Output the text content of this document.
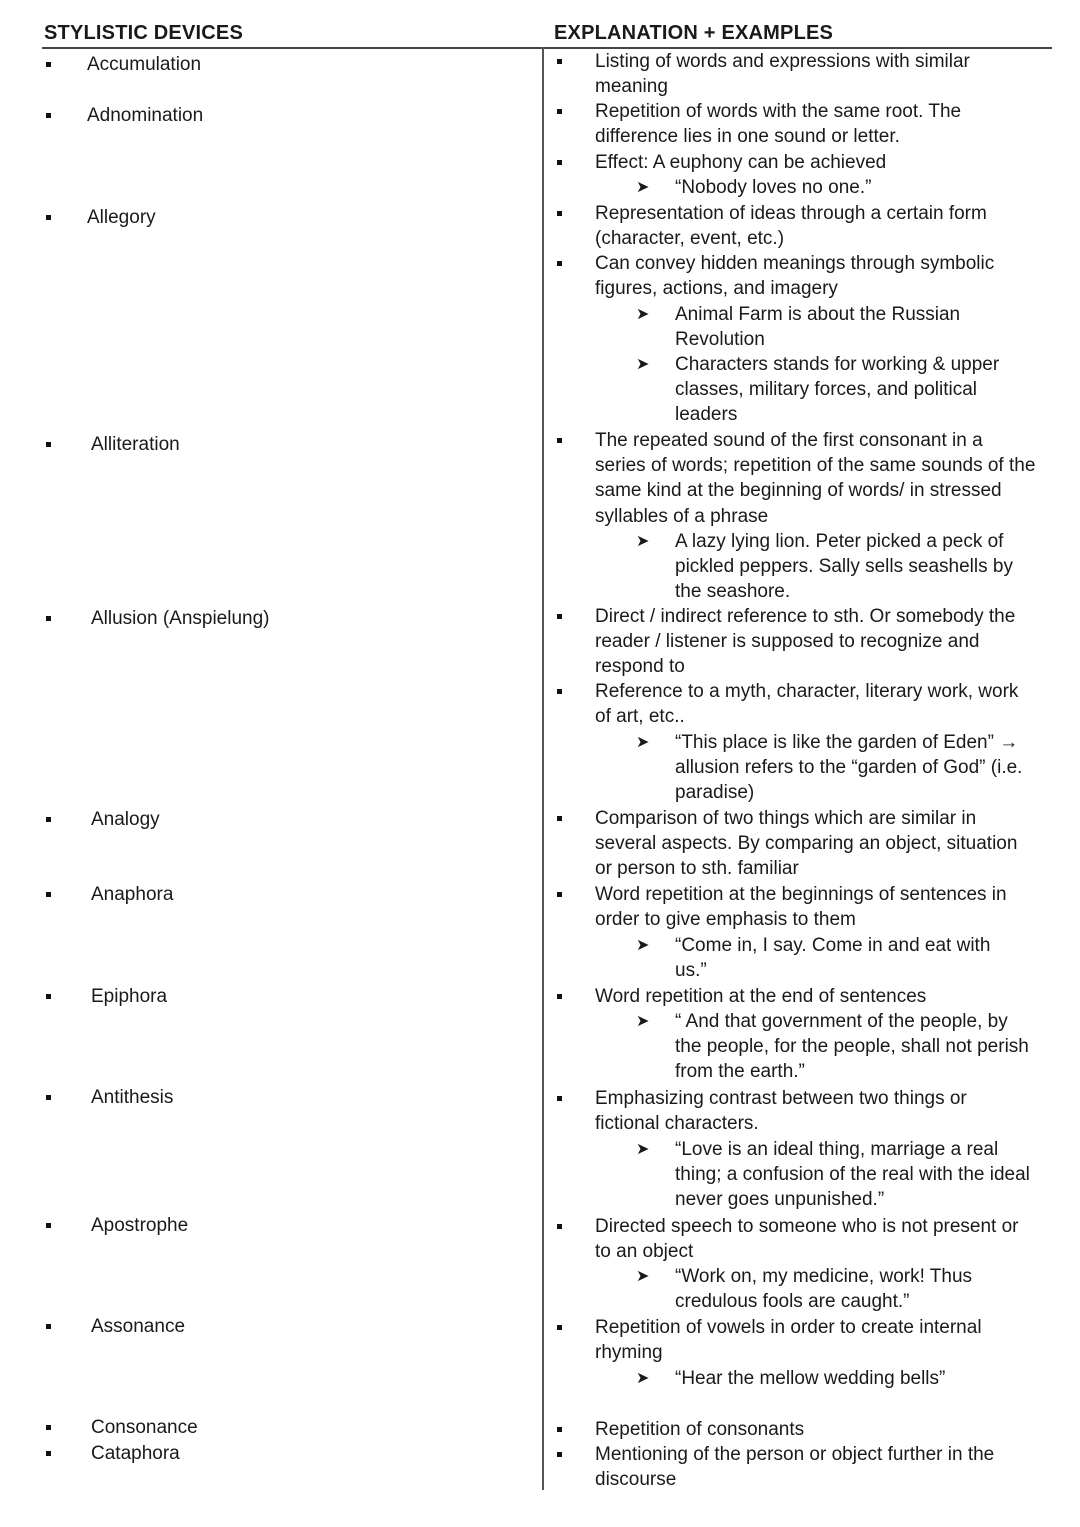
STYLISTIC DEVICES	EXPLANATION + EXAMPLES
Accumulation
Adnomination
Allegory
Alliteration
Allusion (Anspielung)
Analogy
Anaphora
Epiphora
Antithesis
Apostrophe
Assonance
Consonance
Cataphora
Listing of words and expressions with similar meaning
Repetition of words with the same root. The difference lies in one sound or letter.
Effect: A euphony can be achieved
➤ “Nobody loves no one.”
Representation of ideas through a certain form (character, event, etc.)
Can convey hidden meanings through symbolic figures, actions, and imagery
➤ Animal Farm is about the Russian Revolution
➤ Characters stands for working & upper classes, military forces, and political leaders
The repeated sound of the first consonant in a series of words; repetition of the same sounds of the same kind at the beginning of words/ in stressed syllables of a phrase
➤ A lazy lying lion. Peter picked a peck of pickled peppers. Sally sells seashells by the seashore.
Direct / indirect reference to sth. Or somebody the reader / listener is supposed to recognize and respond to
Reference to a myth, character, literary work, work of art, etc..
➤ “This place is like the garden of Eden” → allusion refers to the “garden of God” (i.e. paradise)
Comparison of two things which are similar in several aspects. By comparing an object, situation or person to sth. familiar
Word repetition at the beginnings of sentences in order to give emphasis to them
➤ “Come in, I say. Come in and eat with us.”
Word repetition at the end of sentences
➤ “ And that government of the people, by the people, for the people, shall not perish from the earth.”
Emphasizing contrast between two things or fictional characters.
➤ “Love is an ideal thing, marriage a real thing; a confusion of the real with the ideal never goes unpunished.”
Directed speech to someone who is not present or to an object
➤ “Work on, my medicine, work! Thus credulous fools are caught.”
Repetition of vowels in order to create internal rhyming
➤ “Hear the mellow wedding bells”
Repetition of consonants
Mentioning of the person or object further in the discourse
